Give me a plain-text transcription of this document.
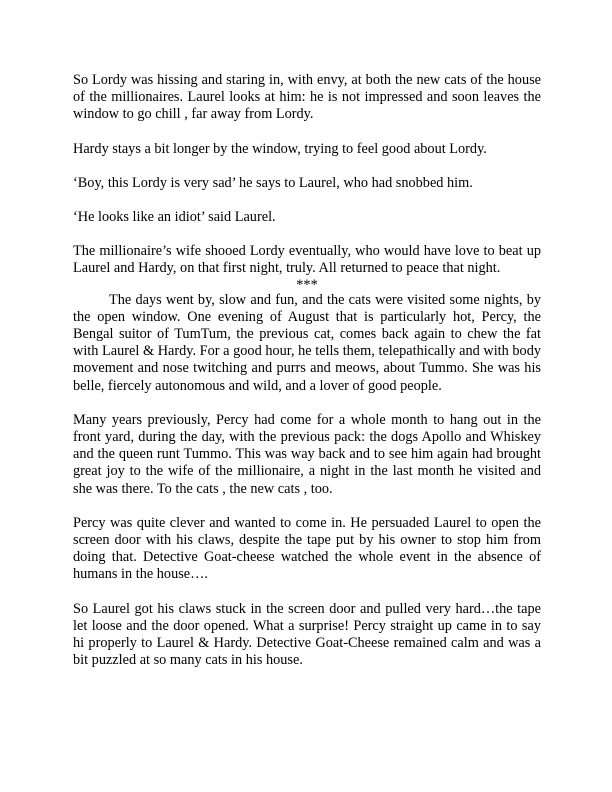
So Lordy was hissing and staring in, with envy, at both the new cats of the house of the millionaires. Laurel looks at him: he is not impressed and soon leaves the window to go chill , far away from Lordy.

Hardy stays a bit longer by the window, trying to feel good about Lordy.

‘Boy, this Lordy is very sad’ he says to Laurel, who had snobbed him.

‘He looks like an idiot’ said Laurel.

The millionaire’s wife shooed Lordy eventually, who would have love to beat up Laurel and Hardy, on that first night, truly. All returned to peace that night.

***

The days went by, slow and fun, and the cats were visited some nights, by the open window. One evening of August that is particularly hot, Percy, the Bengal suitor of TumTum, the previous cat, comes back again to chew the fat with Laurel & Hardy. For a good hour, he tells them, telepathically and with body movement and nose twitching and purrs and meows, about Tummo. She was his belle, fiercely autonomous and wild, and a lover of good people.

Many years previously, Percy had come for a whole month to hang out in the front yard, during the day, with the previous pack: the dogs Apollo and Whiskey and the queen runt Tummo. This was way back and to see him again had brought great joy to the wife of the millionaire, a night in the last month he visited and she was there. To the cats , the new cats , too.

Percy was quite clever and wanted to come in. He persuaded Laurel to open the screen door with his claws, despite the tape put by his owner to stop him from doing that. Detective Goat-cheese watched the whole event in the absence of humans in the house….

So Laurel got his claws stuck in the screen door and pulled very hard…the tape let loose and the door opened. What a surprise! Percy straight up came in to say hi properly to Laurel & Hardy. Detective Goat-Cheese remained calm and was a bit puzzled at so many cats in his house.
